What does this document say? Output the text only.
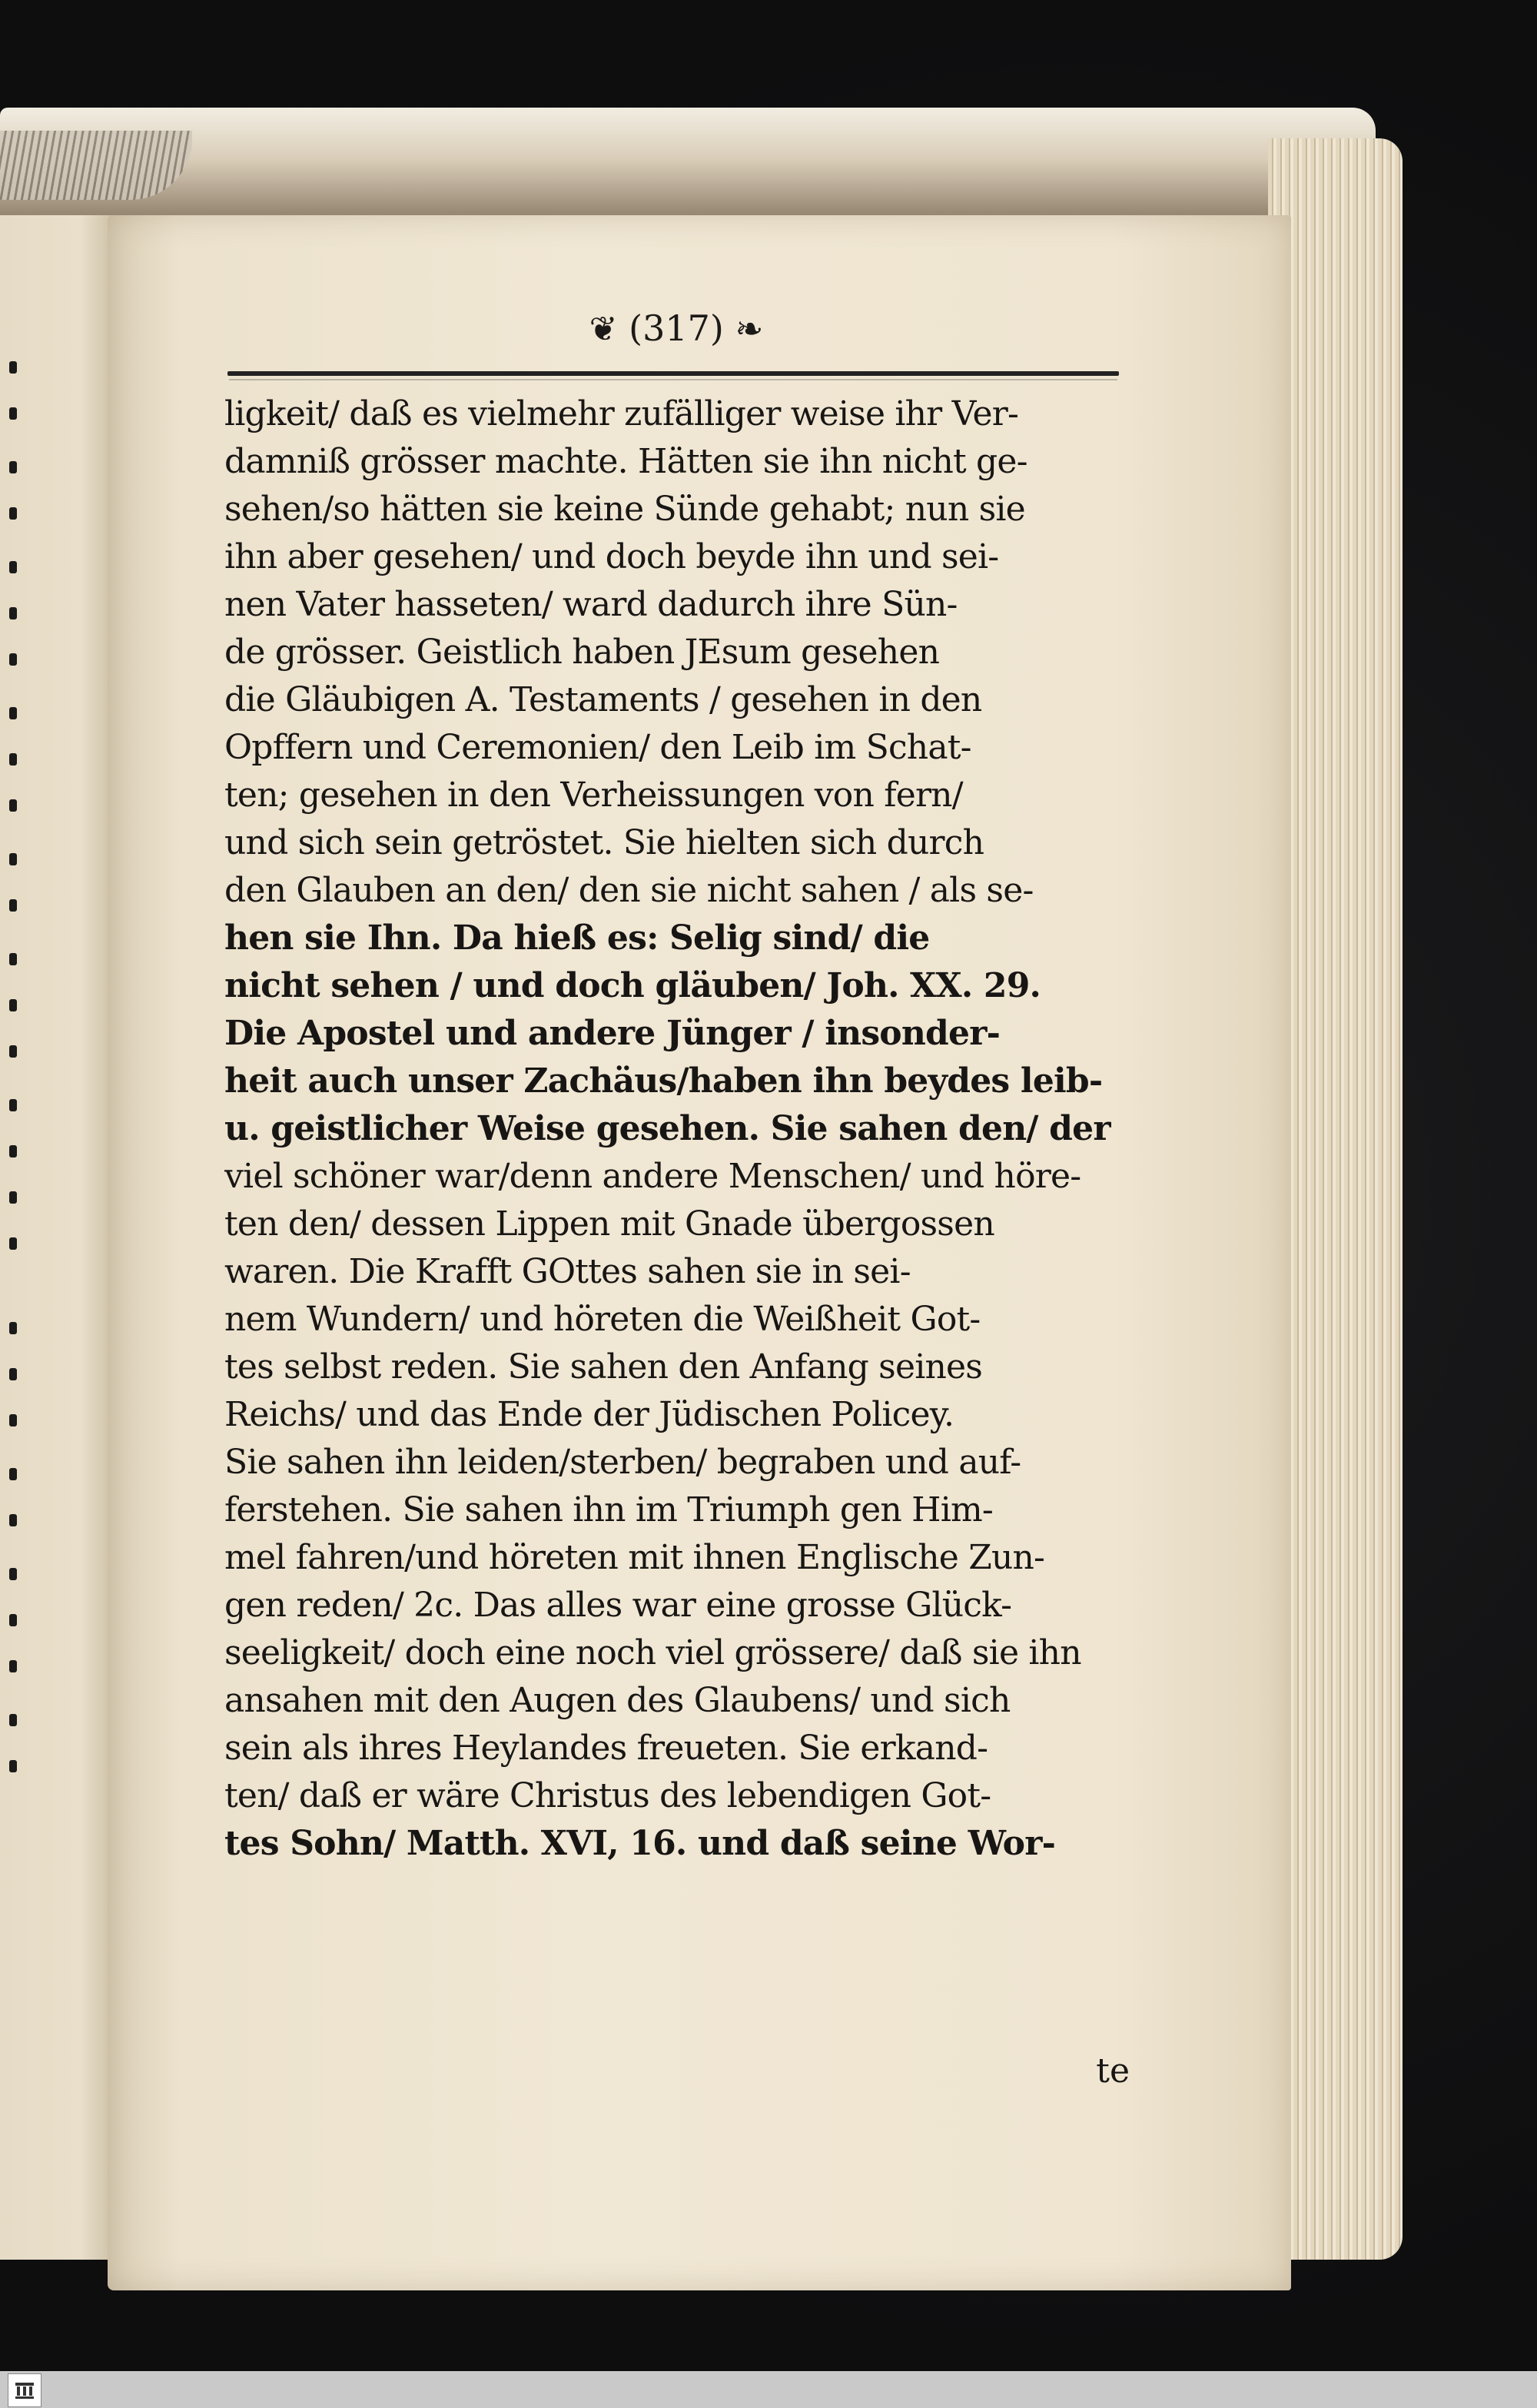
❦ (317) ❧
ligkeit/ daß es vielmehr zufälliger weise ihr Ver-
damniß grösser machte. Hätten sie ihn nicht ge-
sehen/so hätten sie keine Sünde gehabt; nun sie
ihn aber gesehen/ und doch beyde ihn und sei-
nen Vater hasseten/ ward dadurch ihre Sün-
de grösser. Geistlich haben JEsum gesehen
die Gläubigen A. Testaments / gesehen in den
Opffern und Ceremonien/ den Leib im Schat-
ten; gesehen in den Verheissungen von fern/
und sich sein getröstet. Sie hielten sich durch
den Glauben an den/ den sie nicht sahen / als se-
hen sie Ihn. Da hieß es: Selig sind/ die
nicht sehen / und doch gläuben/ Joh. XX. 29.
Die Apostel und andere Jünger / insonder-
heit auch unser Zachäus/haben ihn beydes leib-
u. geistlicher Weise gesehen. Sie sahen den/ der
viel schöner war/denn andere Menschen/ und höre-
ten den/ dessen Lippen mit Gnade übergossen
waren. Die Krafft GOttes sahen sie in sei-
nem Wundern/ und höreten die Weißheit Got-
tes selbst reden. Sie sahen den Anfang seines
Reichs/ und das Ende der Jüdischen Policey.
Sie sahen ihn leiden/sterben/ begraben und auf-
ferstehen. Sie sahen ihn im Triumph gen Him-
mel fahren/und höreten mit ihnen Englische Zun-
gen reden/ 2c. Das alles war eine grosse Glück-
seeligkeit/ doch eine noch viel grössere/ daß sie ihn
ansahen mit den Augen des Glaubens/ und sich
sein als ihres Heylandes freueten. Sie erkand-
ten/ daß er wäre Christus des lebendigen Got-
tes Sohn/ Matth. XVI, 16. und daß seine Wor-
te
